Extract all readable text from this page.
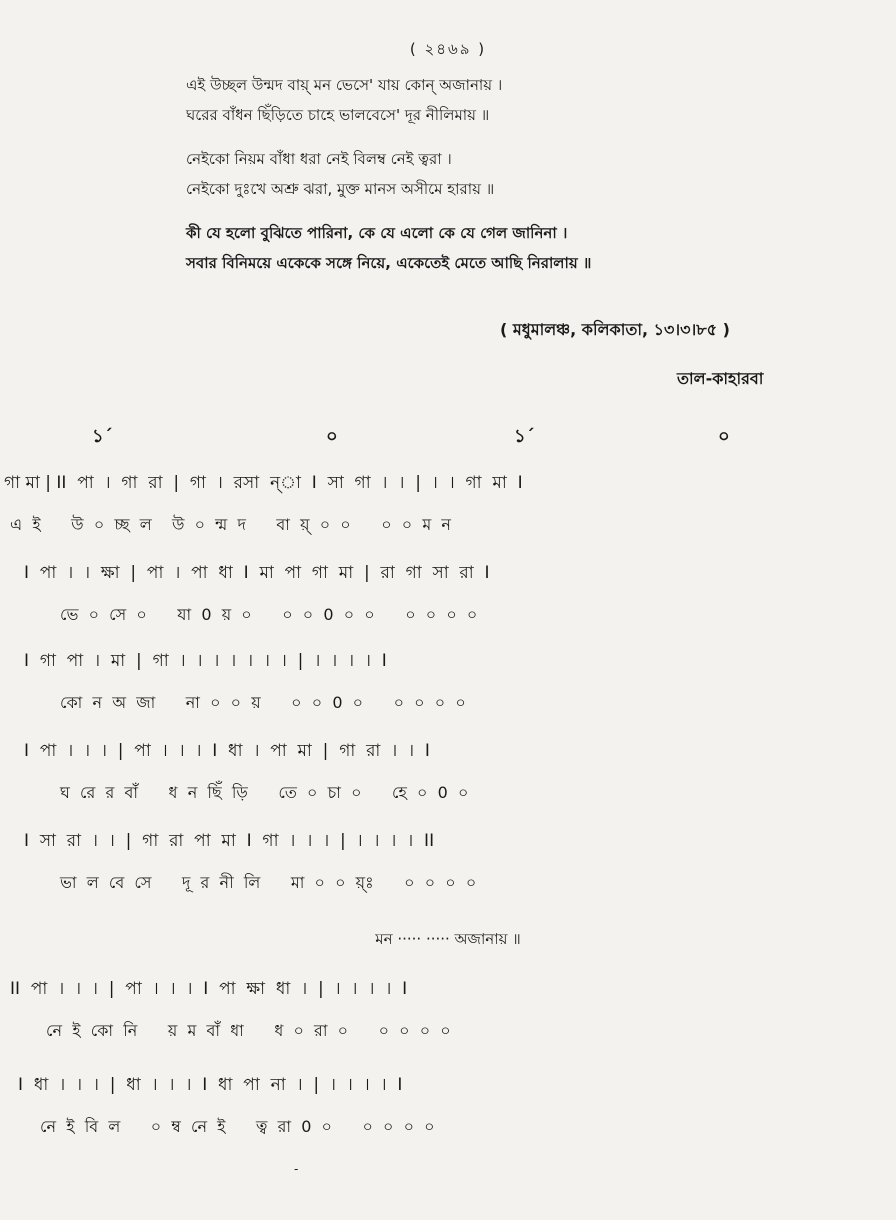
( ২৪৬৯ )
এই উচ্ছল উন্মদ বায়্ মন ভেসে' যায় কোন্ অজানায় ।
ঘরের বাঁধন ছিঁড়িতে চাহে ভালবেসে' দূর নীলিমায় ॥
নেইকো নিয়ম বাঁধা ধরা নেই বিলম্ব নেই ত্বরা ।
নেইকো দুঃখে অশ্রু ঝরা, মুক্ত মানস অসীমে হারায় ॥
কী যে হলো বুঝিতে পারিনা, কে যে এলো কে যে গেল জানিনা ।
সবার বিনিময়ে একেকে সঙ্গে নিয়ে, একেতেই মেতে আছি নিরালায় ॥
( মধুমালঞ্চ, কলিকাতা, ১৩।৩।৮৫ )
তাল-কাহারবা
১´	০	১´	০
গা মা | II  পা  ।  গা  রা  |  গা  ।  রসা  ন্া  I  সা  গা  ।  ।  |  ।  ।  গা  মা  I
এ  ই      উ  ০  চ্ছ  ল    উ  ০  ন্ম  দ      বা  য়্  ০  ০      ০  ০  ম  ন
I  পা  ।  ।  ক্ষা  |  পা  ।  পা  ধা  I  মা  পা  গা  মা  |  রা  গা  সা  রা  I
ভে  ০  সে  ০      যা  0  য়  ০      ০  ০  0  ০  ০      ০  ০  ০  ০
I  গা  পা  ।  মা  |  গা  ।  ।  ।  ।  ।  ।  ।  |  ।  ।  ।  ।  I
কো  ন  অ  জা      না  ০  ০  য়      ০  ০  0  ০      ০  ০  ০  ০
I  পা  ।  ।  ।  |  পা  ।  ।  ।  I  ধা  ।  পা  মা  |  গা  রা  ।  ।  I
ঘ  রে  র  বাঁ      ধ  ন  ছিঁ  ড়ি      তে  ০  চা  ০      হে  ০  0  ০
I  সা  রা  ।  ।  |  গা  রা  পা  মা  I  গা  ।  ।  ।  |  ।  ।  ।  ।  II
ভা  ল  বে  সে      দূ  র  নী  লি      মা  ০  ০  য়্ঃ      ০  ০  ০  ০
মন ····· ····· অজানায় ॥
II  পা  ।  ।  ।  |  পা  ।  ।  ।  I  পা  ক্ষা  ধা  ।  |  ।  ।  ।  ।  I
নে  ই  কো  নি      য়  ম  বাঁ  ধা      ধ  ০  রা  ০      ০  ০  ০  ০
I  ধা  ।  ।  ।  |  ধা  ।  ।  ।  I  ধা  পা  না  ।  |  ।  ।  ।  ।  I
নে  ই  বি  ল      ০  ম্ব  নে  ই      ত্ব  রা  0  ০      ০  ০  ০  ০
-
